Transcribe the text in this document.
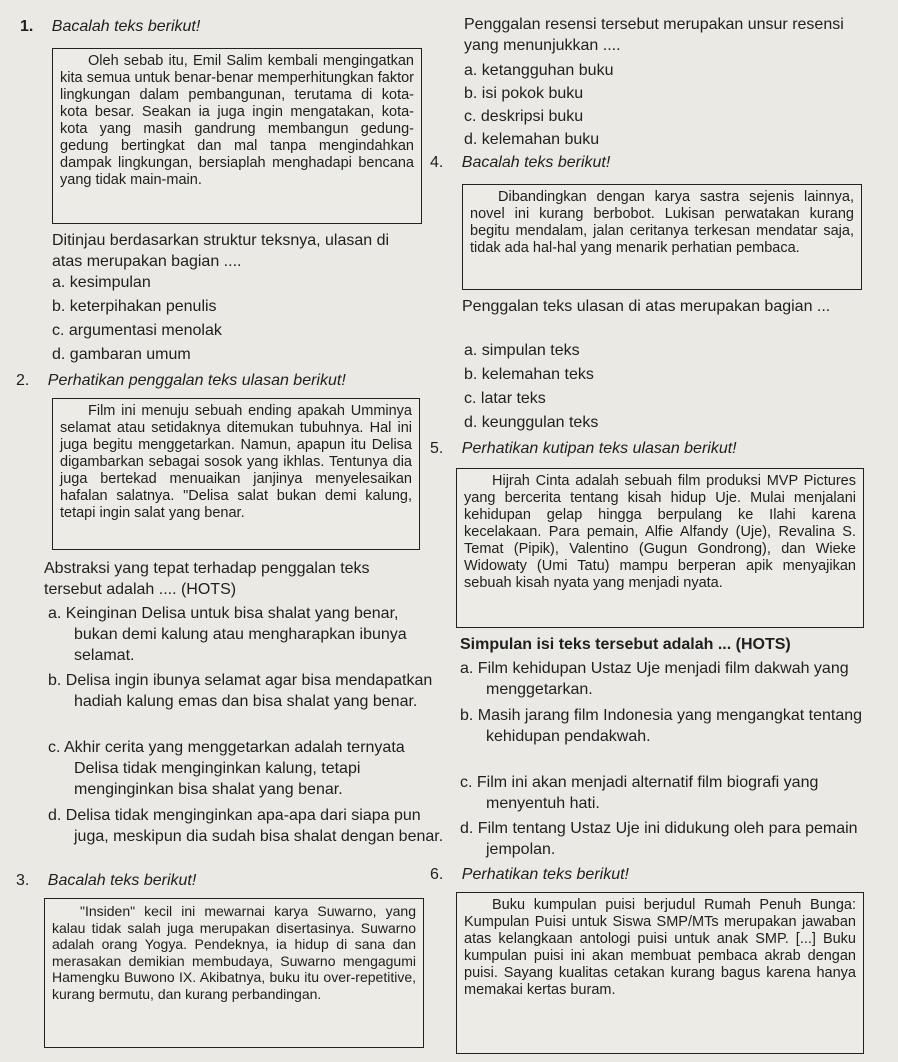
1. Bacalah teks berikut!
Oleh sebab itu, Emil Salim kembali mengingatkan kita semua untuk benar-benar memperhitungkan faktor lingkungan dalam pembangunan, terutama di kota-kota besar. Seakan ia juga ingin mengatakan, kota-kota yang masih gandrung membangun gedung-gedung bertingkat dan mal tanpa mengindahkan dampak lingkungan, bersiaplah menghadapi bencana yang tidak main-main.
Ditinjau berdasarkan struktur teksnya, ulasan di atas merupakan bagian ....
a. kesimpulan
b. keterpihakan penulis
c. argumentasi menolak
d. gambaran umum
2. Perhatikan penggalan teks ulasan berikut!
Film ini menuju sebuah ending apakah Umminya selamat atau setidaknya ditemukan tubuhnya. Hal ini juga begitu menggetarkan. Namun, apapun itu Delisa digambarkan sebagai sosok yang ikhlas. Tentunya dia juga bertekad menuaikan janjinya menyelesaikan hafalan salatnya. "Delisa salat bukan demi kalung, tetapi ingin salat yang benar.
Abstraksi yang tepat terhadap penggalan teks tersebut adalah .... (HOTS)
a. Keinginan Delisa untuk bisa shalat yang benar, bukan demi kalung atau mengharapkan ibunya selamat.
b. Delisa ingin ibunya selamat agar bisa mendapatkan hadiah kalung emas dan bisa shalat yang benar.
c. Akhir cerita yang menggetarkan adalah ternyata Delisa tidak menginginkan kalung, tetapi menginginkan bisa shalat yang benar.
d. Delisa tidak menginginkan apa-apa dari siapa pun juga, meskipun dia sudah bisa shalat dengan benar.
3. Bacalah teks berikut!
"Insiden" kecil ini mewarnai karya Suwarno, yang kalau tidak salah juga merupakan disertasinya. Suwarno adalah orang Yogya. Pendeknya, ia hidup di sana dan merasakan demikian membudaya, Suwarno mengagumi Hamengku Buwono IX. Akibatnya, buku itu over-repetitive, kurang bermutu, dan kurang perbandingan.
Penggalan resensi tersebut merupakan unsur resensi yang menunjukkan ....
a. ketangguhan buku
b. isi pokok buku
c. deskripsi buku
d. kelemahan buku
4. Bacalah teks berikut!
Dibandingkan dengan karya sastra sejenis lainnya, novel ini kurang berbobot. Lukisan perwatakan kurang begitu mendalam, jalan ceritanya terkesan mendatar saja, tidak ada hal-hal yang menarik perhatian pembaca.
Penggalan teks ulasan di atas merupakan bagian ...
a. simpulan teks
b. kelemahan teks
c. latar teks
d. keunggulan teks
5. Perhatikan kutipan teks ulasan berikut!
Hijrah Cinta adalah sebuah film produksi MVP Pictures yang bercerita tentang kisah hidup Uje. Mulai menjalani kehidupan gelap hingga berpulang ke Ilahi karena kecelakaan. Para pemain, Alfie Alfandy (Uje), Revalina S. Temat (Pipik), Valentino (Gugun Gondrong), dan Wieke Widowaty (Umi Tatu) mampu berperan apik menyajikan sebuah kisah nyata yang menjadi nyata.
Simpulan isi teks tersebut adalah ... (HOTS)
a. Film kehidupan Ustaz Uje menjadi film dakwah yang menggetarkan.
b. Masih jarang film Indonesia yang mengangkat tentang kehidupan pendakwah.
c. Film ini akan menjadi alternatif film biografi yang menyentuh hati.
d. Film tentang Ustaz Uje ini didukung oleh para pemain jempolan.
6. Perhatikan teks berikut!
Buku kumpulan puisi berjudul Rumah Penuh Bunga: Kumpulan Puisi untuk Siswa SMP/MTs merupakan jawaban atas kelangkaan antologi puisi untuk anak SMP. [...] Buku kumpulan puisi ini akan membuat pembaca akrab dengan puisi. Sayang kualitas cetakan kurang bagus karena hanya memakai kertas buram.
